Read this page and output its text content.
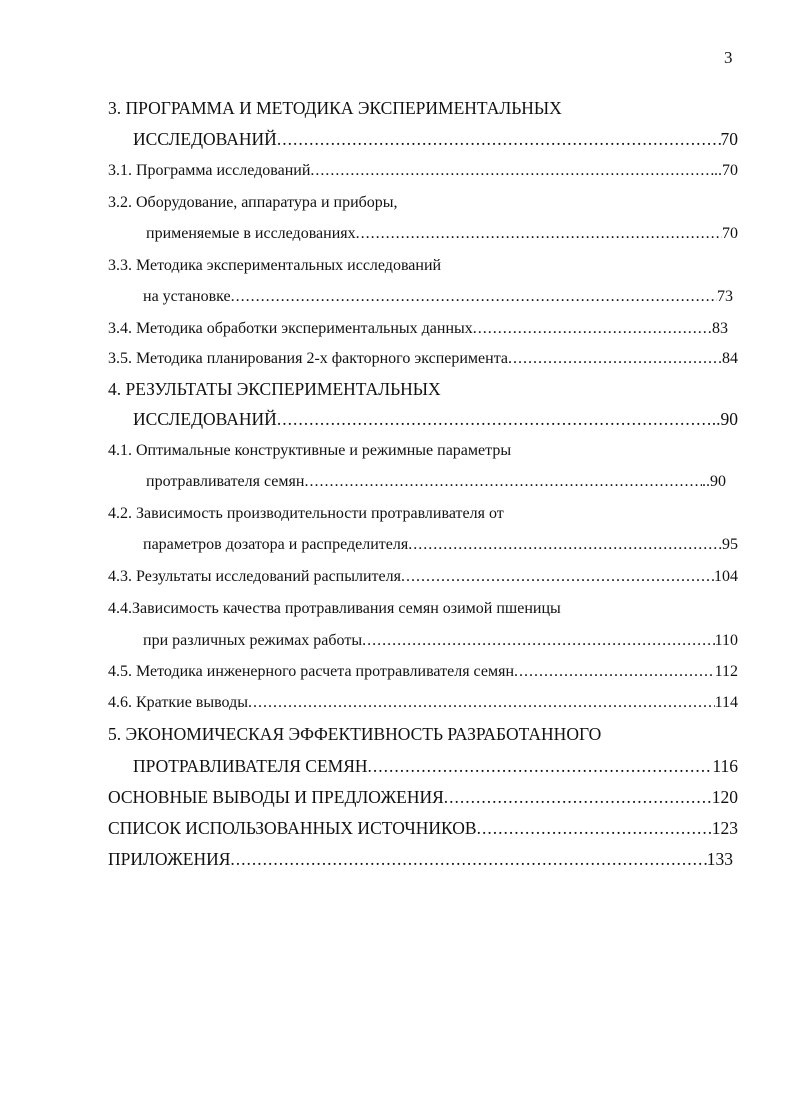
3
3. ПРОГРАММА И МЕТОДИКА ЭКСПЕРИМЕНТАЛЬНЫХ
ИССЛЕДОВАНИЙ .....	70
3.1. Программа исследований .....	..70
3.2. Оборудование, аппаратура и приборы,
применяемые в исследованиях .....	70
3.3. Методика экспериментальных исследований
на установке .....	73
3.4. Методика обработки экспериментальных данных .....	83
3.5. Методика планирования 2-х факторного эксперимента .....	84
4. РЕЗУЛЬТАТЫ ЭКСПЕРИМЕНТАЛЬНЫХ
ИССЛЕДОВАНИЙ .....	..90
4.1. Оптимальные конструктивные и режимные параметры
протравливателя семян .....	..90
4.2. Зависимость производительности протравливателя от
параметров дозатора и распределителя .....	95
4.3. Результаты исследований распылителя .....	104
4.4.Зависимость качества протравливания семян озимой пшеницы
при различных режимах работы .....	110
4.5. Методика инженерного расчета протравливателя семян .....	112
4.6. Краткие выводы .....	114
5. ЭКОНОМИЧЕСКАЯ ЭФФЕКТИВНОСТЬ РАЗРАБОТАННОГО
ПРОТРАВЛИВАТЕЛЯ СЕМЯН .....	116
ОСНОВНЫЕ ВЫВОДЫ И ПРЕДЛОЖЕНИЯ .....	120
СПИСОК ИСПОЛЬЗОВАННЫХ ИСТОЧНИКОВ .....	123
ПРИЛОЖЕНИЯ .....	133
